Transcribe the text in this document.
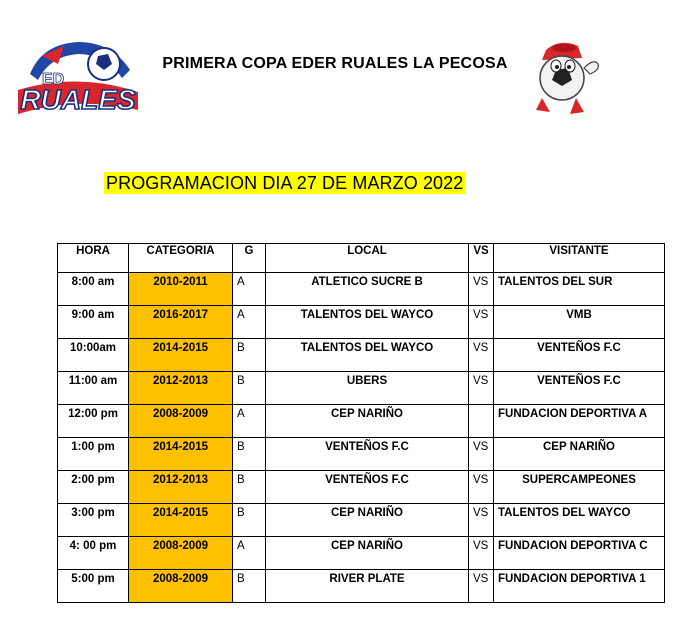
ED
RUALES
PRIMERA COPA EDER RUALES LA PECOSA
PROGRAMACION DIA 27 DE MARZO 2022
HORA	CATEGORIA	G	LOCAL	VS	VISITANTE
8:00 am	2010-2011	A	ATLETICO SUCRE B	VS	TALENTOS DEL SUR
9:00 am	2016-2017	A	TALENTOS DEL WAYCO	VS	VMB
10:00am	2014-2015	B	TALENTOS DEL WAYCO	VS	VENTEÑOS F.C
11:00 am	2012-2013	B	UBERS	VS	VENTEÑOS F.C
12:00 pm	2008-2009	A	CEP NARIÑO		FUNDACION DEPORTIVA A
1:00 pm	2014-2015	B	VENTEÑOS F.C	VS	CEP NARIÑO
2:00 pm	2012-2013	B	VENTEÑOS F.C	VS	SUPERCAMPEONES
3:00 pm	2014-2015	B	CEP NARIÑO	VS	TALENTOS DEL WAYCO
4: 00 pm	2008-2009	A	CEP NARIÑO	VS	FUNDACION DEPORTIVA C
5:00 pm	2008-2009	B	RIVER PLATE	VS	FUNDACION DEPORTIVA 1
